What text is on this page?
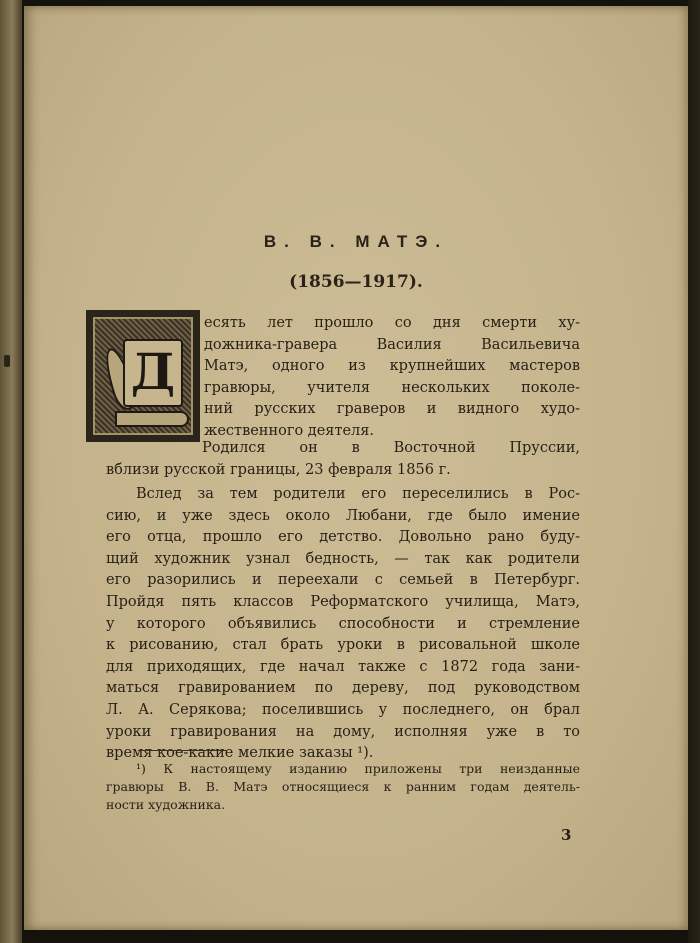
В. В. МАТЭ.
(1856—1917).
Д
есять лет прошло со дня смерти ху-
дожника-гравера Василия Васильевича
Матэ, одного из крупнейших мастеров
гравюры, учителя нескольких поколе-
ний русских граверов и видного худо-
жественного деятеля.
Родился он в Восточной Пруссии,
вблизи русской границы, 23 февраля 1856 г.
Вслед за тем родители его переселились в Рос-
сию, и уже здесь около Любани, где было имение
его отца, прошло его детство. Довольно рано буду-
щий художник узнал бедность, — так как родители
его разорились и переехали с семьей в Петербург.
Пройдя пять классов Реформатского училища, Матэ,
у которого объявились способности и стремление
к рисованию, стал брать уроки в рисовальной школе
для приходящих, где начал также с 1872 года зани-
маться гравированием по дереву, под руководством
Л. А. Серякова; поселившись у последнего, он брал
уроки гравирования на дому, исполняя уже в то
время кое-какие мелкие заказы ¹).
¹) К настоящему изданию приложены три неизданные
гравюры В. В. Матэ относящиеся к ранним годам деятель-
ности художника.
3
